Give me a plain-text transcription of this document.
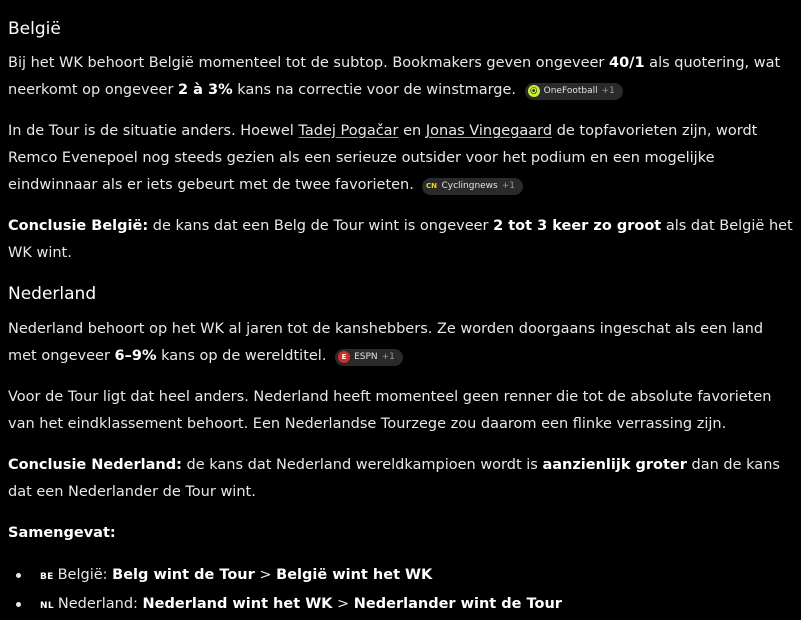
België

Bij het WK behoort België momenteel tot de subtop. Bookmakers geven ongeveer 40/1 als quotering, wat neerkomt op ongeveer 2 à 3% kans na correctie voor de winstmarge.	⦿ OneFootball +1

In de Tour is de situatie anders. Hoewel Tadej Pogačar en Jonas Vingegaard de topfavorieten zijn, wordt Remco Evenepoel nog steeds gezien als een serieuze outsider voor het podium en een mogelijke eindwinnaar als er iets gebeurt met de twee favorieten. CN Cyclingnews +1

Conclusie België: de kans dat een Belg de Tour wint is ongeveer 2 tot 3 keer zo groot als dat België het WK wint.

Nederland

Nederland behoort op het WK al jaren tot de kanshebbers. Ze worden doorgaans ingeschat als een land met ongeveer 6–9% kans op de wereldtitel.	E ESPN +1

Voor de Tour ligt dat heel anders. Nederland heeft momenteel geen renner die tot de absolute favorieten van het eindklassement behoort. Een Nederlandse Tourzege zou daarom een flinke verrassing zijn.

Conclusie Nederland: de kans dat Nederland wereldkampioen wordt is aanzienlijk groter dan de kans dat een Nederlander de Tour wint.

Samengevat:

BE België: Belg wint de Tour > België wint het WK
NL Nederland: Nederland wint het WK > Nederlander wint de Tour
